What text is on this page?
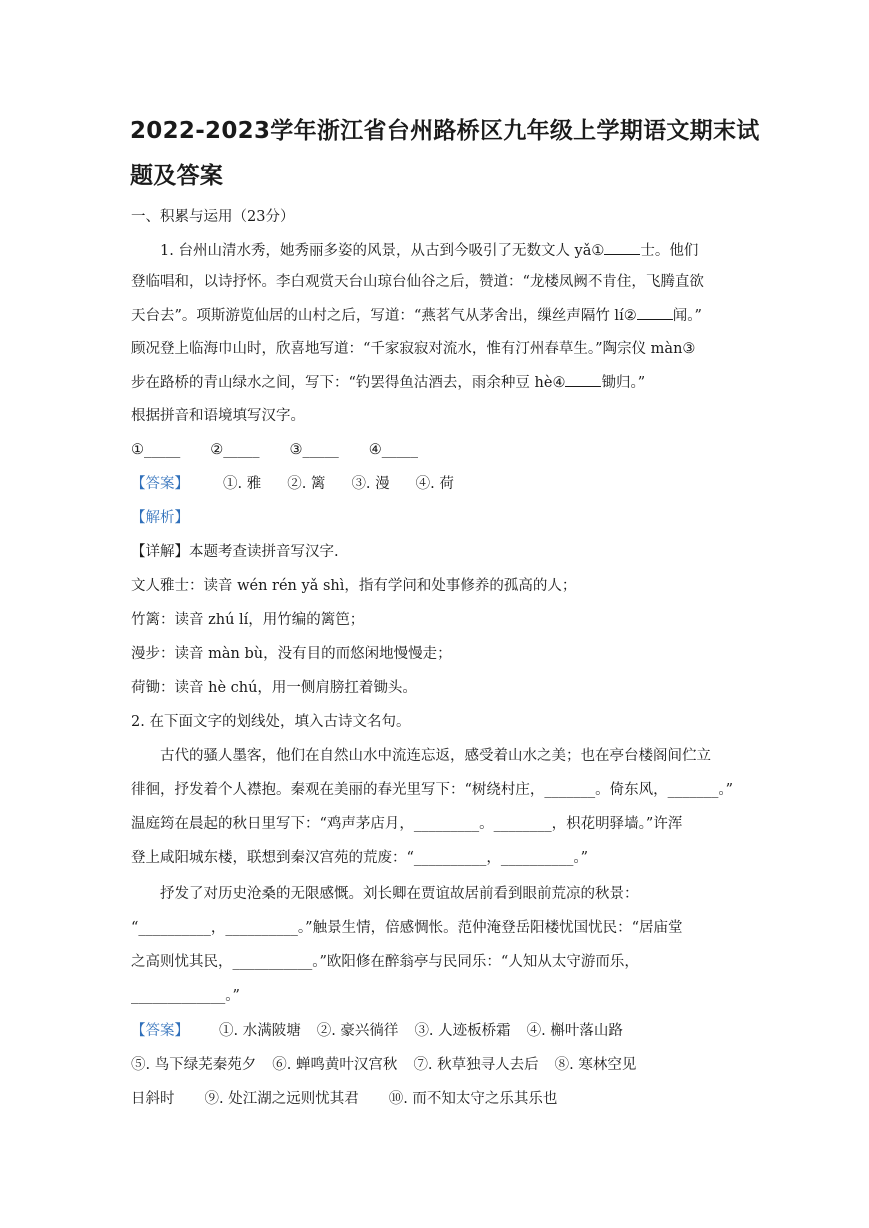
2022-2023学年浙江省台州路桥区九年级上学期语文期末试
题及答案
一、积累与运用（23分）
1. 台州山清水秀，她秀丽多姿的风景，从古到今吸引了无数文人 yǎ① 士。他们
登临唱和，以诗抒怀。李白观赏天台山琼台仙谷之后，赞道：“龙楼凤阙不肯住，飞腾直欲
天台去”。项斯游览仙居的山村之后，写道：“燕茗气从茅舍出，缫丝声隔竹 lí② 闻。”
顾况登上临海巾山时，欣喜地写道：“千家寂寂对流水，惟有汀州春草生。”陶宗仪 màn③
步在路桥的青山绿水之间，写下：“钓罢得鱼沽酒去，雨余种豆 hè④ 锄归。”
根据拼音和语境填写汉字。
①_____ ②_____ ③_____ ④_____
【答案】 ①. 雅 ②. 篱 ③. 漫 ④. 荷
【解析】
【详解】本题考查读拼音写汉字.
文人雅士：读音 wén rén yǎ shì，指有学问和处事修养的孤高的人；
竹篱：读音 zhú lí，用竹编的篱笆；
漫步：读音 màn bù，没有目的而悠闲地慢慢走；
荷锄：读音 hè chú，用一侧肩膀扛着锄头。
2. 在下面文字的划线处，填入古诗文名句。
古代的骚人墨客，他们在自然山水中流连忘返，感受着山水之美；也在亭台楼阁间伫立
徘徊，抒发着个人襟抱。秦观在美丽的春光里写下：“树绕村庄，_______。倚东风，_______。”
温庭筠在晨起的秋日里写下：“鸡声茅店月，_________。________，枳花明驿墙。”许浑
登上咸阳城东楼，联想到秦汉宫苑的荒废：“__________，__________。”
抒发了对历史沧桑的无限感慨。刘长卿在贾谊故居前看到眼前荒凉的秋景：
“__________，__________。”触景生情，倍感惆怅。范仲淹登岳阳楼忧国忧民：“居庙堂
之高则忧其民，___________。”欧阳修在醉翁亭与民同乐：“人知从太守游而乐，
_____________。”
【答案】 ①. 水满陂塘 ②. 豪兴徜徉 ③. 人迹板桥霜 ④. 槲叶落山路
⑤. 鸟下绿芜秦苑夕 ⑥. 蝉鸣黄叶汉宫秋 ⑦. 秋草独寻人去后 ⑧. 寒林空见
日斜时 ⑨. 处江湖之远则忧其君 ⑩. 而不知太守之乐其乐也
